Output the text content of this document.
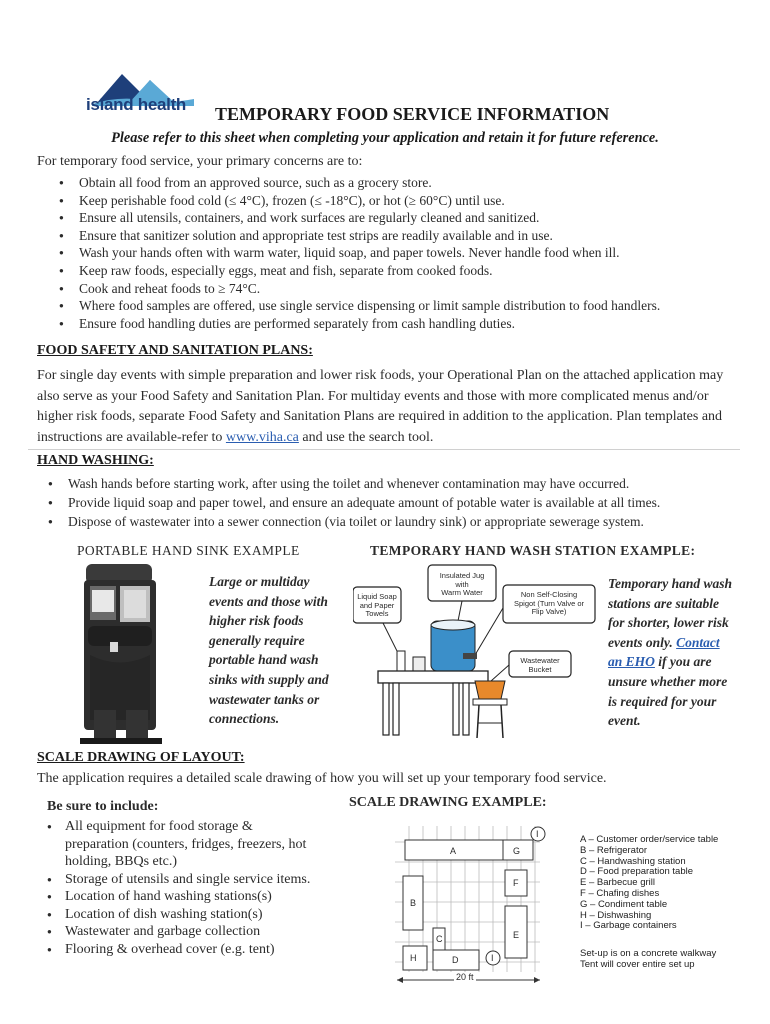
island health TEMPORARY FOOD SERVICE INFORMATION
Please refer to this sheet when completing your application and retain it for future reference.
For temporary food service, your primary concerns are to:
● Obtain all food from an approved source, such as a grocery store.
● Keep perishable food cold (≤ 4°C), frozen (≤ -18°C), or hot (≥ 60°C) until use.
● Ensure all utensils, containers, and work surfaces are regularly cleaned and sanitized.
● Ensure that sanitizer solution and appropriate test strips are readily available and in use.
● Wash your hands often with warm water, liquid soap, and paper towels. Never handle food when ill.
● Keep raw foods, especially eggs, meat and fish, separate from cooked foods.
● Cook and reheat foods to ≥ 74°C.
● Where food samples are offered, use single service dispensing or limit sample distribution to food handlers.
● Ensure food handling duties are performed separately from cash handling duties.
FOOD SAFETY AND SANITATION PLANS:
For single day events with simple preparation and lower risk foods, your Operational Plan on the attached application may also serve as your Food Safety and Sanitation Plan. For multiday events and those with more complicated menus and/or higher risk foods, separate Food Safety and Sanitation Plans are required in addition to the application. Plan templates and instructions are available-refer to www.viha.ca and use the search tool.
HAND WASHING:
● Wash hands before starting work, after using the toilet and whenever contamination may have occurred.
● Provide liquid soap and paper towel, and ensure an adequate amount of potable water is available at all times.
● Dispose of wastewater into a sewer connection (via toilet or laundry sink) or appropriate sewerage system.
PORTABLE HAND SINK EXAMPLE	TEMPORARY HAND WASH STATION EXAMPLE:
Large or multiday
events and those with
higher risk foods
generally require
portable hand wash
sinks with supply and
wastewater tanks or
connections.
Insulated Jug
with
Warm Water
Liquid Soap
and Paper
Towels
Non Self-Closing
Spigot (Turn Valve or
Flip Valve)
Wastewater
Bucket
Temporary hand wash
stations are suitable
for shorter, lower risk
events only. Contact
an EHO if you are
unsure whether more
is required for your
event.
SCALE DRAWING OF LAYOUT:
The application requires a detailed scale drawing of how you will set up your temporary food service.
Be sure to include:	SCALE DRAWING EXAMPLE:
● All equipment for food storage & preparation (counters, fridges, freezers, hot holding, BBQs etc.)
● Storage of utensils and single service items.
● Location of hand washing stations(s)
● Location of dish washing station(s)
● Wastewater and garbage collection
● Flooring & overhead cover (e.g. tent)
A	G
F
B
E
C
H	D
I
I
20 ft
A – Customer order/service table
B – Refrigerator
C – Handwashing station
D – Food preparation table
E – Barbecue grill
F – Chafing dishes
G – Condiment table
H – Dishwashing
I – Garbage containers
Set-up is on a concrete walkway
Tent will cover entire set up
